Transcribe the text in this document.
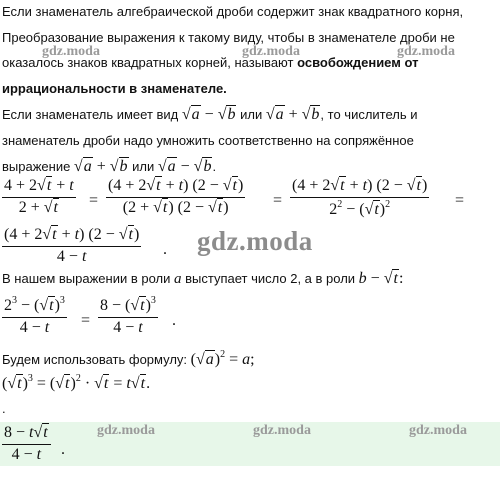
Если знаменатель алгебраической дроби содержит знак квадратного корня,
Преобразование выражения к такому виду, чтобы в знаменателе дроби не
оказалось знаков квадратных корней, называют освобождением от
иррациональности в знаменателе.
Если знаменатель имеет вид √a − √b или √a + √b, то числитель и
знаменатель дроби надо умножить соответственно на сопряжённое
выражение √a + √b или √a − √b.
$\frac{4 + 2√t + t}{2 + √t} = \frac{(4 + 2√t + t) (2 - √t)}{(2 + √t) (2 - √t)} = \frac{(4 + 2√t + t) (2 - √t)}{2^2 - (√t)^2}$ =
$\frac{(4 + 2√t + t) (2 - √t)}{4 - t}$ .
В нашем выражении в роли a выступает число 2, а в роли b − √t:
$\frac{2^3 - (√t)^3}{4 - t} = \frac{8 - (√t)^3}{4 - t}$ .
Будем использовать формулу: $(√a)^2 = a$;
$(√t)^3 = (√t)^2 \cdot √t = t√t$.
.
$\frac{8 - t√t}{4 - t}$ .
gdz.moda	gdz.moda	gdz.moda
gdz.moda
gdz.moda	gdz.moda	gdz.moda
